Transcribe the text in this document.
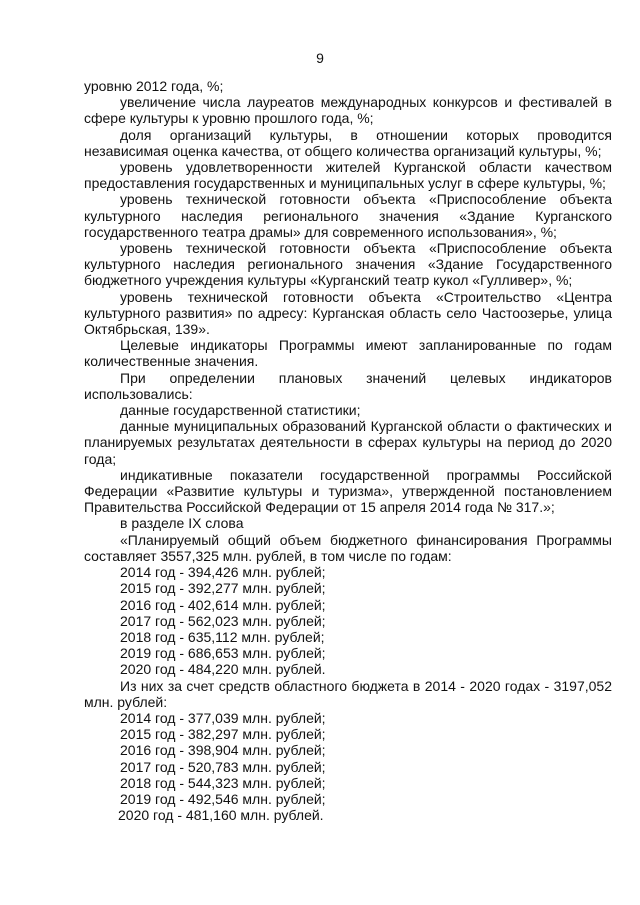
9

уровню 2012 года, %;

увеличение числа лауреатов международных конкурсов и фестивалей в сфере культуры к уровню прошлого года, %;

доля организаций культуры, в отношении которых проводится независимая оценка качества, от общего количества организаций культуры, %;

уровень удовлетворенности жителей Курганской области качеством предоставления государственных и муниципальных услуг в сфере культуры, %;

уровень технической готовности объекта «Приспособление объекта культурного наследия регионального значения «Здание Курганского государственного театра драмы» для современного использования», %;

уровень технической готовности объекта «Приспособление объекта культурного наследия регионального значения «Здание Государственного бюджетного учреждения культуры «Курганский театр кукол «Гулливер», %;

уровень технической готовности объекта «Строительство «Центра культурного развития» по адресу: Курганская область село Частоозерье, улица Октябрьская, 139».

Целевые индикаторы Программы имеют запланированные по годам количественные значения.

При определении плановых значений целевых индикаторов использовались:

данные государственной статистики;

данные муниципальных образований Курганской области о фактических и планируемых результатах деятельности в сферах культуры на период до 2020 года;

индикативные показатели государственной программы Российской Федерации «Развитие культуры и туризма», утвержденной постановлением Правительства Российской Федерации от 15 апреля 2014 года № 317.»;

в разделе IX слова

«Планируемый общий объем бюджетного финансирования Программы составляет 3557,325 млн. рублей, в том числе по годам:

2014 год - 394,426 млн. рублей;

2015 год - 392,277 млн. рублей;

2016 год - 402,614 млн. рублей;

2017 год - 562,023 млн. рублей;

2018 год - 635,112 млн. рублей;

2019 год - 686,653 млн. рублей;

2020 год - 484,220 млн. рублей.

Из них за счет средств областного бюджета в 2014 - 2020 годах - 3197,052 млн. рублей:

2014 год - 377,039 млн. рублей;

2015 год - 382,297 млн. рублей;

2016 год - 398,904 млн. рублей;

2017 год - 520,783 млн. рублей;

2018 год - 544,323 млн. рублей;

2019 год - 492,546 млн. рублей;

2020 год - 481,160 млн. рублей.
